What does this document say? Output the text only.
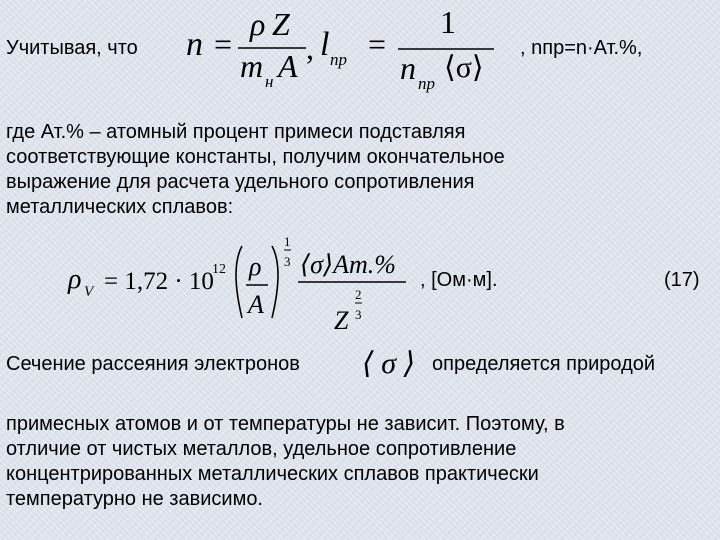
Учитывая, что n =
ρ Z
m н A , l пр =
1
n пр ⟨σ⟩
, nпр=n·Ат.%,
где Ат.% – атомный процент примеси подставляя
соответствующие константы, получим окончательное
выражение для расчета удельного сопротивления
металлических сплавов:
ρ V = 1,72 · 10
12 ρ
A
1
3 ⟨σ⟩Am.%
Z
2
3
, [Ом·м].	(17)
Сечение рассеяния электронов ⟨ σ ⟩ определяется природой
примесных атомов и от температуры не зависит. Поэтому, в
отличие от чистых металлов, удельное сопротивление
концентрированных металлических сплавов практически
температурно не зависимо.
